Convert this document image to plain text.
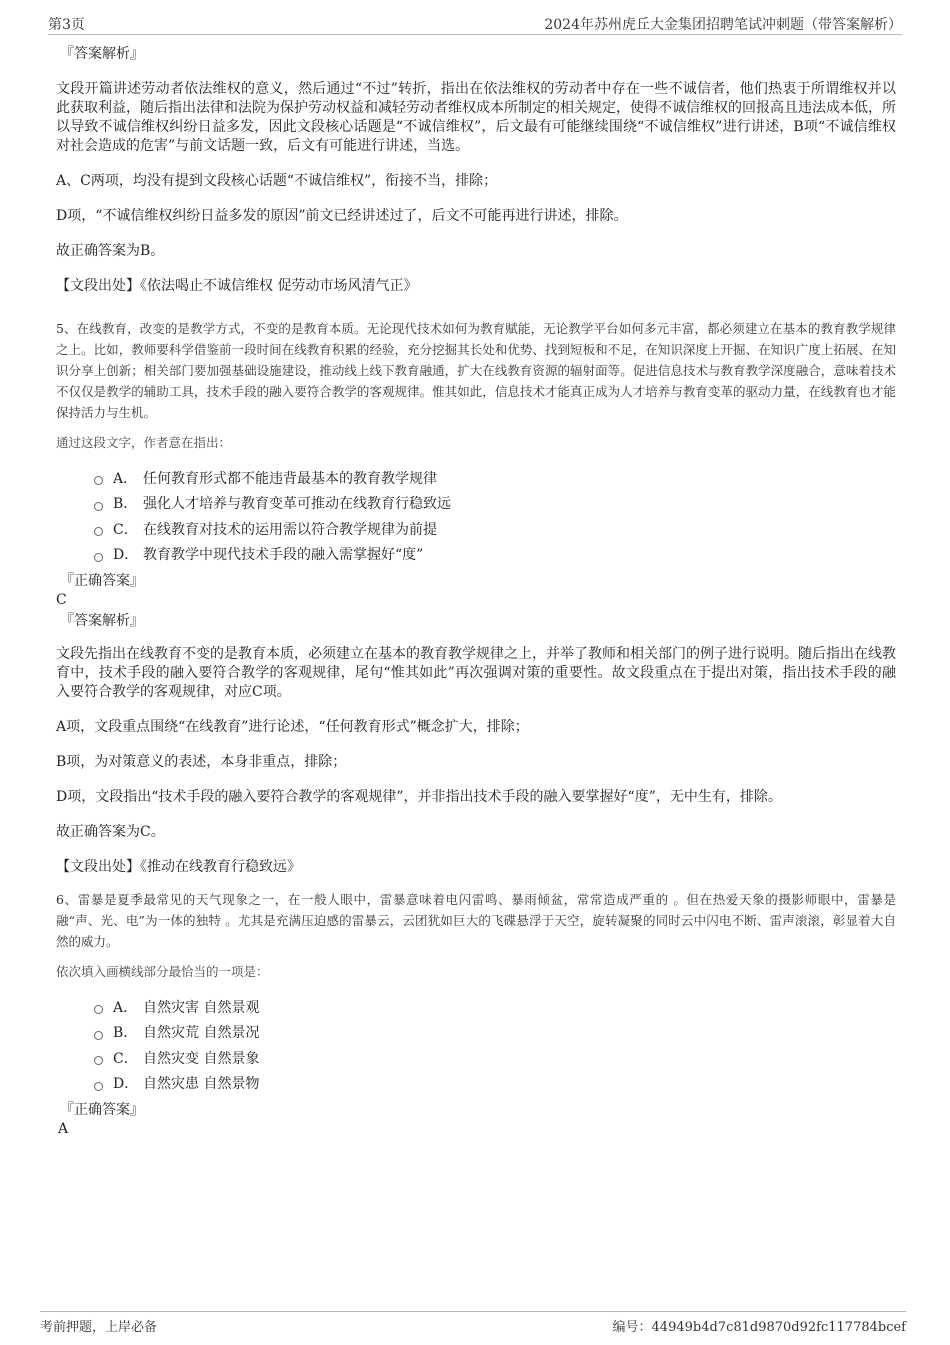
第3页	2024年苏州虎丘大金集团招聘笔试冲刺题（带答案解析）
『答案解析』

文段开篇讲述劳动者依法维权的意义，然后通过“不过”转折，指出在依法维权的劳动者中存在一些不诚信者，他们热衷于所谓维权并以此获取利益，随后指出法律和法院为保护劳动权益和减轻劳动者维权成本所制定的相关规定，使得不诚信维权的回报高且违法成本低，所以导致不诚信维权纠纷日益多发，因此文段核心话题是“不诚信维权”，后文最有可能继续围绕“不诚信维权”进行讲述，B项“不诚信维权对社会造成的危害”与前文话题一致，后文有可能进行讲述，当选。

A、C两项，均没有提到文段核心话题“不诚信维权”，衔接不当，排除；

D项，“不诚信维权纠纷日益多发的原因”前文已经讲述过了，后文不可能再进行讲述，排除。

故正确答案为B。

【文段出处】《依法喝止不诚信维权 促劳动市场风清气正》

5、在线教育，改变的是教学方式，不变的是教育本质。无论现代技术如何为教育赋能，无论教学平台如何多元丰富，都必须建立在基本的教育教学规律之上。比如，教师要科学借鉴前一段时间在线教育积累的经验，充分挖掘其长处和优势、找到短板和不足，在知识深度上开掘、在知识广度上拓展、在知识分享上创新；相关部门要加强基础设施建设，推动线上线下教育融通，扩大在线教育资源的辐射面等。促进信息技术与教育教学深度融合，意味着技术不仅仅是教学的辅助工具，技术手段的融入要符合教学的客观规律。惟其如此，信息技术才能真正成为人才培养与教育变革的驱动力量，在线教育也才能保持活力与生机。
通过这段文字，作者意在指出：
A． 任何教育形式都不能违背最基本的教育教学规律
B． 强化人才培养与教育变革可推动在线教育行稳致远
C． 在线教育对技术的运用需以符合教学规律为前提
D． 教育教学中现代技术手段的融入需掌握好“度”
『正确答案』
C
『答案解析』

文段先指出在线教育不变的是教育本质，必须建立在基本的教育教学规律之上，并举了教师和相关部门的例子进行说明。随后指出在线教育中，技术手段的融入要符合教学的客观规律，尾句“惟其如此”再次强调对策的重要性。故文段重点在于提出对策，指出技术手段的融入要符合教学的客观规律，对应C项。

A项，文段重点围绕“在线教育”进行论述，“任何教育形式”概念扩大，排除；

B项，为对策意义的表述，本身非重点，排除；

D项，文段指出“技术手段的融入要符合教学的客观规律”，并非指出技术手段的融入要掌握好“度”，无中生有，排除。

故正确答案为C。

【文段出处】《推动在线教育行稳致远》

6、雷暴是夏季最常见的天气现象之一，在一般人眼中，雷暴意味着电闪雷鸣、暴雨倾盆，常常造成严重的 。但在热爱天象的摄影师眼中，雷暴是融“声、光、电”为一体的独特 。尤其是充满压迫感的雷暴云，云团犹如巨大的飞碟悬浮于天空，旋转凝聚的同时云中闪电不断、雷声滚滚，彰显着大自然的威力。
依次填入画横线部分最恰当的一项是：
A． 自然灾害 自然景观
B． 自然灾荒 自然景况
C． 自然灾变 自然景象
D． 自然灾患 自然景物
『正确答案』
A
考前押题，上岸必备	编号：44949b4d7c81d9870d92fc117784bcef
